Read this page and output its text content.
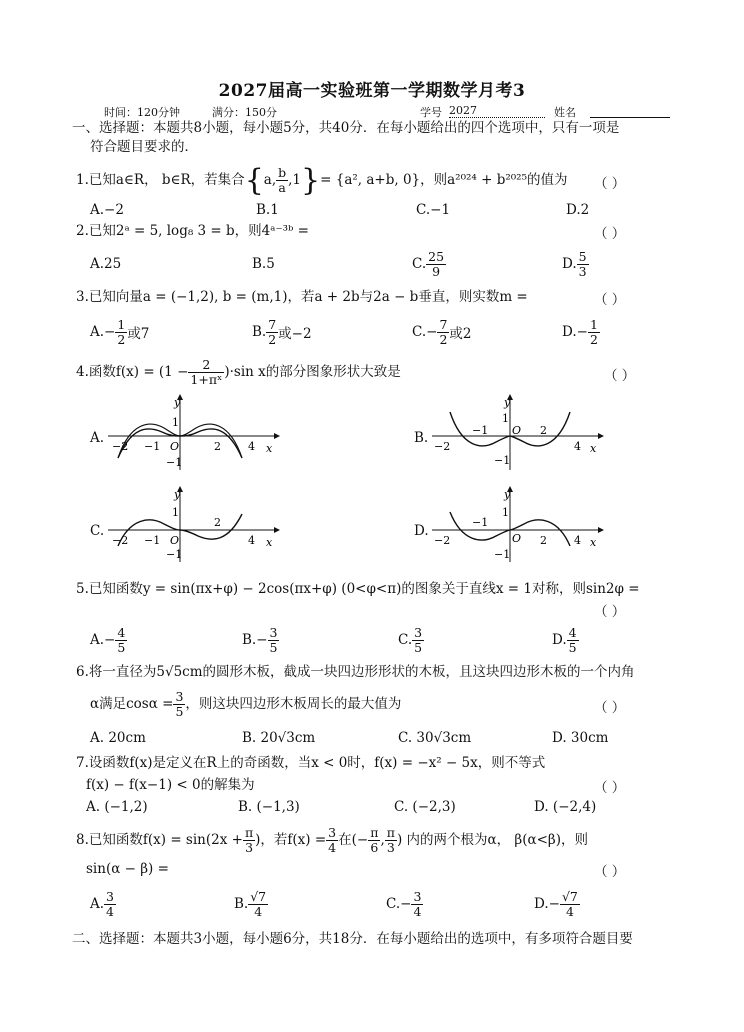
2027届高一实验班第一学期数学月考3
时间：120分钟	满分：150分	学号 2027	姓名
一、选择题：本题共8小题，每小题5分，共40分．在每小题给出的四个选项中，只有一项是
符合题目要求的．
1.已知a∈R， b∈R，若集合 { a, $\frac{b}{a} ,1$ } = {a², a+b, 0} ，则a²⁰²⁴ + b²⁰²⁵的值为 （ ）
A.−2	B.1	C.−1	D.2
2.已知2ᵃ = 5, log₈ 3 = b，则4ᵃ⁻³ᵇ =	（ ）
A.25	B.5	C. $\frac{25}{9}$	D. $\frac{5}{3}$
3.已知向量a = (−1,2), b = (m,1)，若a + 2b与2a − b垂直，则实数m =	（ ）
$A.- \frac{1}{2}$ 或7	B. $\frac{7}{2}$ 或−2	$C.- \frac{7}{2}$ 或2	$D.- \frac{1}{2}$
4.函数$f(x) = (1 - \frac{2}{\text{1+πˣ}} )\cdot\sin$ x的部分图象形状大致是	（ ）
A.
y
x
O
1
−1
−2 −1	2 4
B.
y
x
O
1
−1
−1	2
−2	4
C.
y
x
O
1
−1
2
−2 −1	4
D.
y
x
O
1
−1
−1
−2	2 4
5.已知函数y = sin(πx+φ) − 2cos(πx+φ) (0<φ<π)的图象关于直线x = 1对称，则sin2φ =
（ ）
$A.- \frac{4}{5}$	$B.- \frac{3}{5}$	C. $\frac{3}{5}$	D. $\frac{4}{5}$
6.将一直径为5√5cm的圆形木板，截成一块四边形形状的木板，且这块四边形木板的一个内角
α满足$\cos\alpha = \frac{3}{5}$ ，则这块四边形木板周长的最大值为	（ ）
A. 20cm	B. 20√3cm	C. 30√3cm	D. 30cm
7.设函数f(x)是定义在R上的奇函数，当x < 0时，f(x) = −x² − 5x，则不等式
f(x) − f(x−1) < 0的解集为	（ ）
A. (−1,2)	B. (−1,3)	C. (−2,3)	D. (−2,4)
8.已知函数$f(x) = \sin(2x + \frac{\pi}{3}$ )，若$f(x) = \frac{3}{4}$ 在(− $\frac{\pi}{6}$ , $\frac{\pi}{3}$ ) 内的两个根为α， β(α<β)，则
sin(α − β) =	（ ）
A. $\frac{3}{4}$	B. $\frac{√7}{4}$	$C.- \frac{3}{4}$	$D.- \frac{√7}{4}$
二、选择题：本题共3小题，每小题6分，共18分．在每小题给出的选项中，有多项符合题目要
